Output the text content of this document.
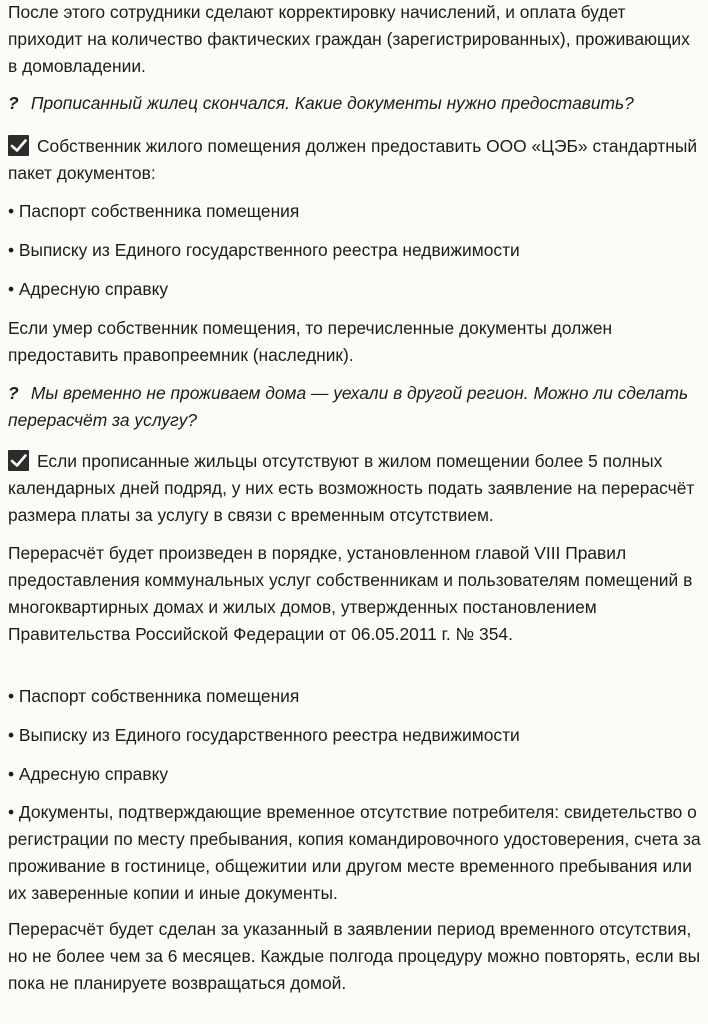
После этого сотрудники сделают корректировку начислений, и оплата будет приходит на количество фактических граждан (зарегистрированных), проживающих в домовладении.

? Прописанный жилец скончался. Какие документы нужно предоставить?

Собственник жилого помещения должен предоставить ООО «ЦЭБ» стандартный пакет документов:

• Паспорт собственника помещения

• Выписку из Единого государственного реестра недвижимости

• Адресную справку

Если умер собственник помещения, то перечисленные документы должен предоставить правопреемник (наследник).

? Мы временно не проживаем дома — уехали в другой регион. Можно ли сделать перерасчёт за услугу?

Если прописанные жильцы отсутствуют в жилом помещении более 5 полных календарных дней подряд, у них есть возможность подать заявление на перерасчёт размера платы за услугу в связи с временным отсутствием.

Перерасчёт будет произведен в порядке, установленном главой VIII Правил предоставления коммунальных услуг собственникам и пользователям помещений в многоквартирных домах и жилых домов, утвержденных постановлением Правительства Российской Федерации от 06.05.2011 г. № 354.

• Паспорт собственника помещения

• Выписку из Единого государственного реестра недвижимости

• Адресную справку

• Документы, подтверждающие временное отсутствие потребителя: свидетельство о регистрации по месту пребывания, копия командировочного удостоверения, счета за проживание в гостинице, общежитии или другом месте временного пребывания или их заверенные копии и иные документы.

Перерасчёт будет сделан за указанный в заявлении период временного отсутствия, но не более чем за 6 месяцев. Каждые полгода процедуру можно повторять, если вы пока не планируете возвращаться домой.
